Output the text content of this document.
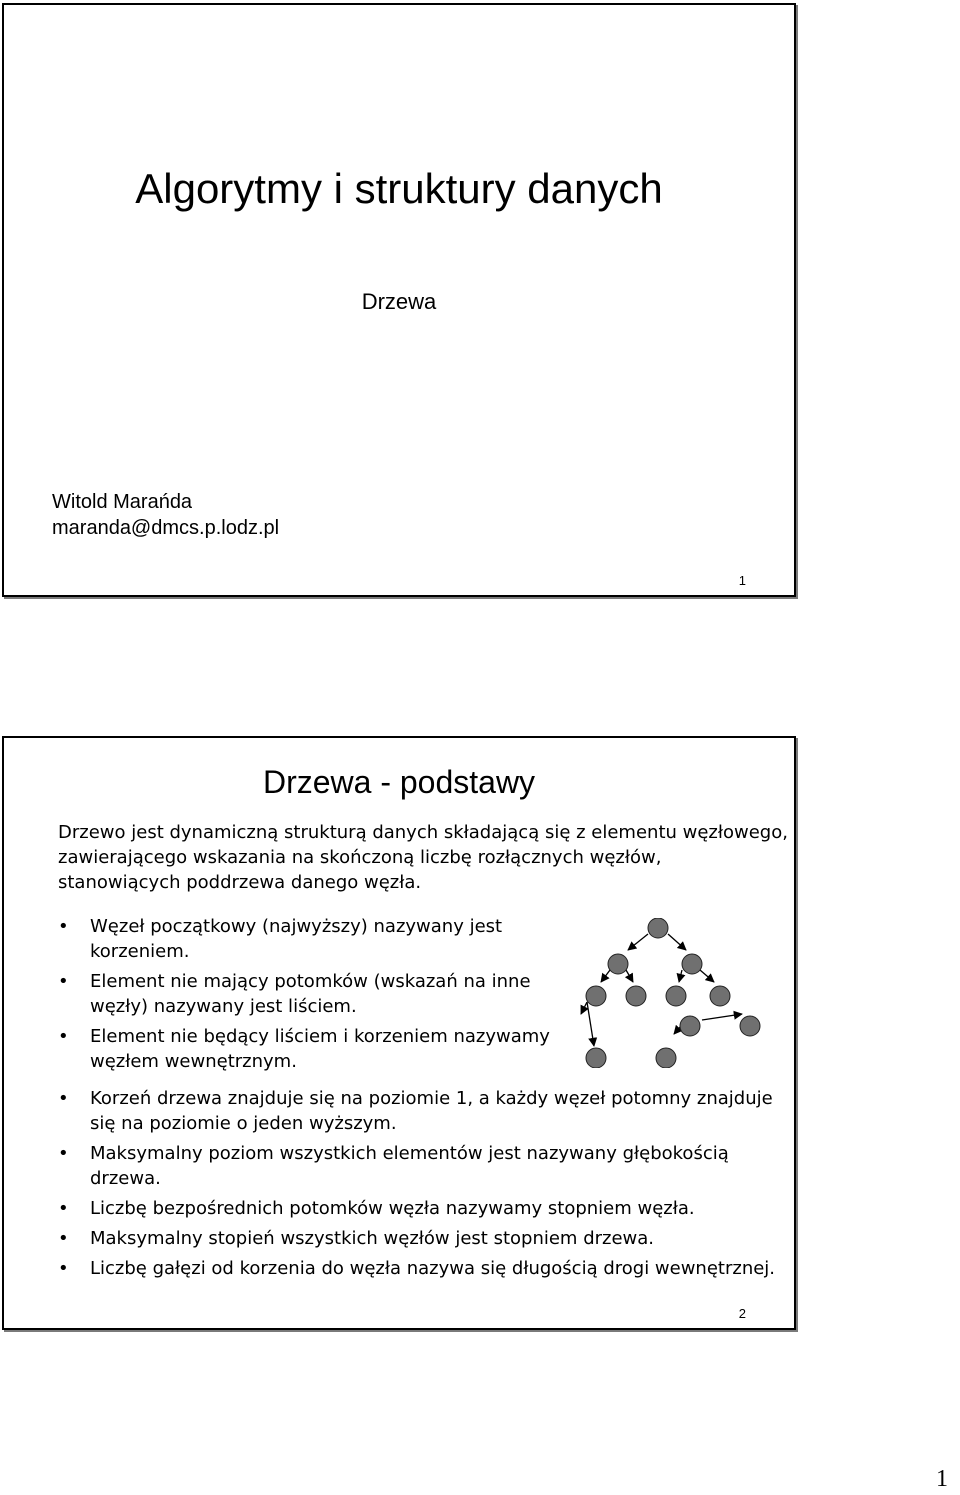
Algorytmy i struktury danych
Drzewa
Witold Marańda
maranda@dmcs.p.lodz.pl
1
Drzewa - podstawy

Drzewo jest dynamiczną strukturą danych składającą się z elementu węzłowego, zawierającego wskazania na skończoną liczbę rozłącznych węzłów, stanowiących poddrzewa danego węzła.

• Węzeł początkowy (najwyższy) nazywany jest korzeniem.
• Element nie mający potomków (wskazań na inne węzły) nazywany jest liściem.
• Element nie będący liściem i korzeniem nazywamy węzłem wewnętrznym.
• Korzeń drzewa znajduje się na poziomie 1, a każdy węzeł potomny znajduje się na poziomie o jeden wyższym.
• Maksymalny poziom wszystkich elementów jest nazywany głębokością drzewa.
• Liczbę bezpośrednich potomków węzła nazywamy stopniem węzła.
• Maksymalny stopień wszystkich węzłów jest stopniem drzewa.
• Liczbę gałęzi od korzenia do węzła nazywa się długością drogi wewnętrznej.
2
1
